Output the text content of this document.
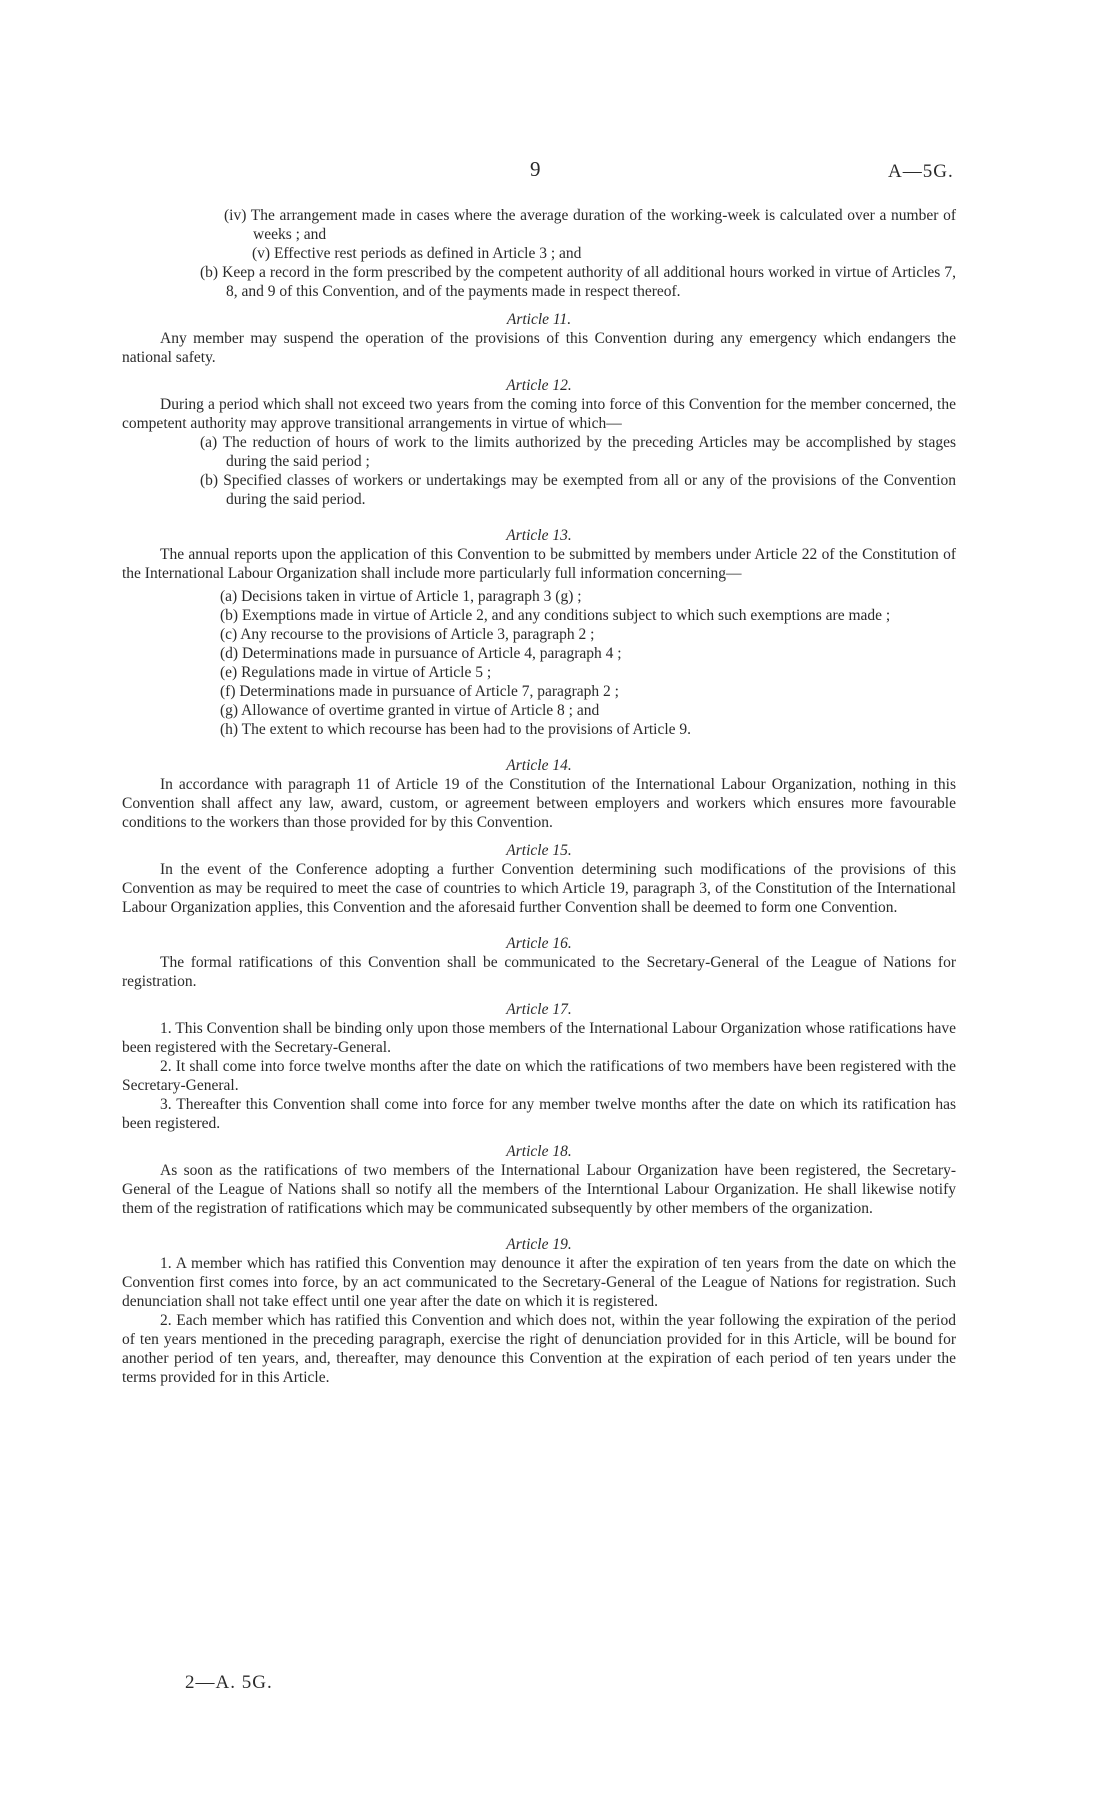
9	A—5G.

(iv) The arrangement made in cases where the average duration of the working-week is calculated over a number of weeks ; and

(v) Effective rest periods as defined in Article 3 ; and

(b) Keep a record in the form prescribed by the competent authority of all additional hours worked in virtue of Articles 7, 8, and 9 of this Convention, and of the payments made in respect thereof.

Article 11.

Any member may suspend the operation of the provisions of this Convention during any emergency which endangers the national safety.

Article 12.

During a period which shall not exceed two years from the coming into force of this Convention for the member concerned, the competent authority may approve transitional arrangements in virtue of which—

(a) The reduction of hours of work to the limits authorized by the preceding Articles may be accomplished by stages during the said period ;

(b) Specified classes of workers or undertakings may be exempted from all or any of the provisions of the Convention during the said period.

Article 13.

The annual reports upon the application of this Convention to be submitted by members under Article 22 of the Constitution of the International Labour Organization shall include more particularly full information concerning—

(a) Decisions taken in virtue of Article 1, paragraph 3 (g) ;

(b) Exemptions made in virtue of Article 2, and any conditions subject to which such exemptions are made ;

(c) Any recourse to the provisions of Article 3, paragraph 2 ;

(d) Determinations made in pursuance of Article 4, paragraph 4 ;

(e) Regulations made in virtue of Article 5 ;

(f) Determinations made in pursuance of Article 7, paragraph 2 ;

(g) Allowance of overtime granted in virtue of Article 8 ; and

(h) The extent to which recourse has been had to the provisions of Article 9.

Article 14.

In accordance with paragraph 11 of Article 19 of the Constitution of the International Labour Organization, nothing in this Convention shall affect any law, award, custom, or agreement between employers and workers which ensures more favourable conditions to the workers than those provided for by this Convention.

Article 15.

In the event of the Conference adopting a further Convention determining such modifications of the provisions of this Convention as may be required to meet the case of countries to which Article 19, paragraph 3, of the Constitution of the International Labour Organization applies, this Convention and the aforesaid further Convention shall be deemed to form one Convention.

Article 16.

The formal ratifications of this Convention shall be communicated to the Secretary-General of the League of Nations for registration.

Article 17.

1. This Convention shall be binding only upon those members of the International Labour Organization whose ratifications have been registered with the Secretary-General.

2. It shall come into force twelve months after the date on which the ratifications of two members have been registered with the Secretary-General.

3. Thereafter this Convention shall come into force for any member twelve months after the date on which its ratification has been registered.

Article 18.

As soon as the ratifications of two members of the International Labour Organization have been registered, the Secretary-General of the League of Nations shall so notify all the members of the Interntional Labour Organization. He shall likewise notify them of the registration of ratifications which may be communicated subsequently by other members of the organization.

Article 19.

1. A member which has ratified this Convention may denounce it after the expiration of ten years from the date on which the Convention first comes into force, by an act communicated to the Secretary-General of the League of Nations for registration. Such denunciation shall not take effect until one year after the date on which it is registered.

2. Each member which has ratified this Convention and which does not, within the year following the expiration of the period of ten years mentioned in the preceding paragraph, exercise the right of denunciation provided for in this Article, will be bound for another period of ten years, and, thereafter, may denounce this Convention at the expiration of each period of ten years under the terms provided for in this Article.

2—A. 5G.
